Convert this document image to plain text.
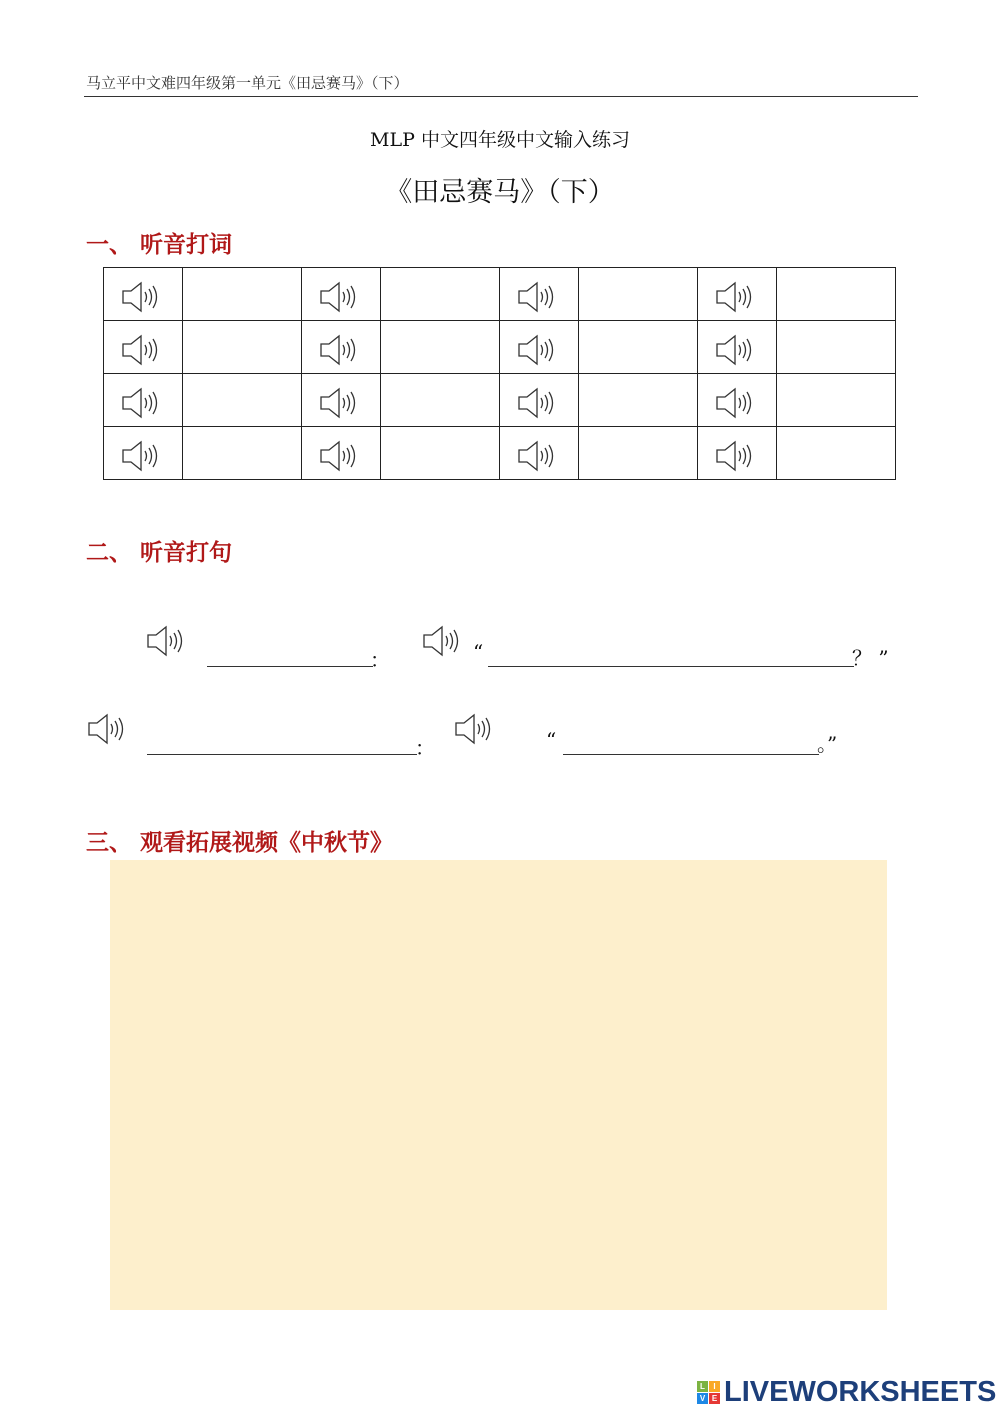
马立平中文难四年级第一单元《田忌赛马》（下）
MLP 中文四年级中文输入练习
《田忌赛马》（下）
一、 听音打词

二、 听音打句
：	“	？ ”
：	“	。”
三、 观看拓展视频《中秋节》
L	I
V E LIVEWORKSHEETS
